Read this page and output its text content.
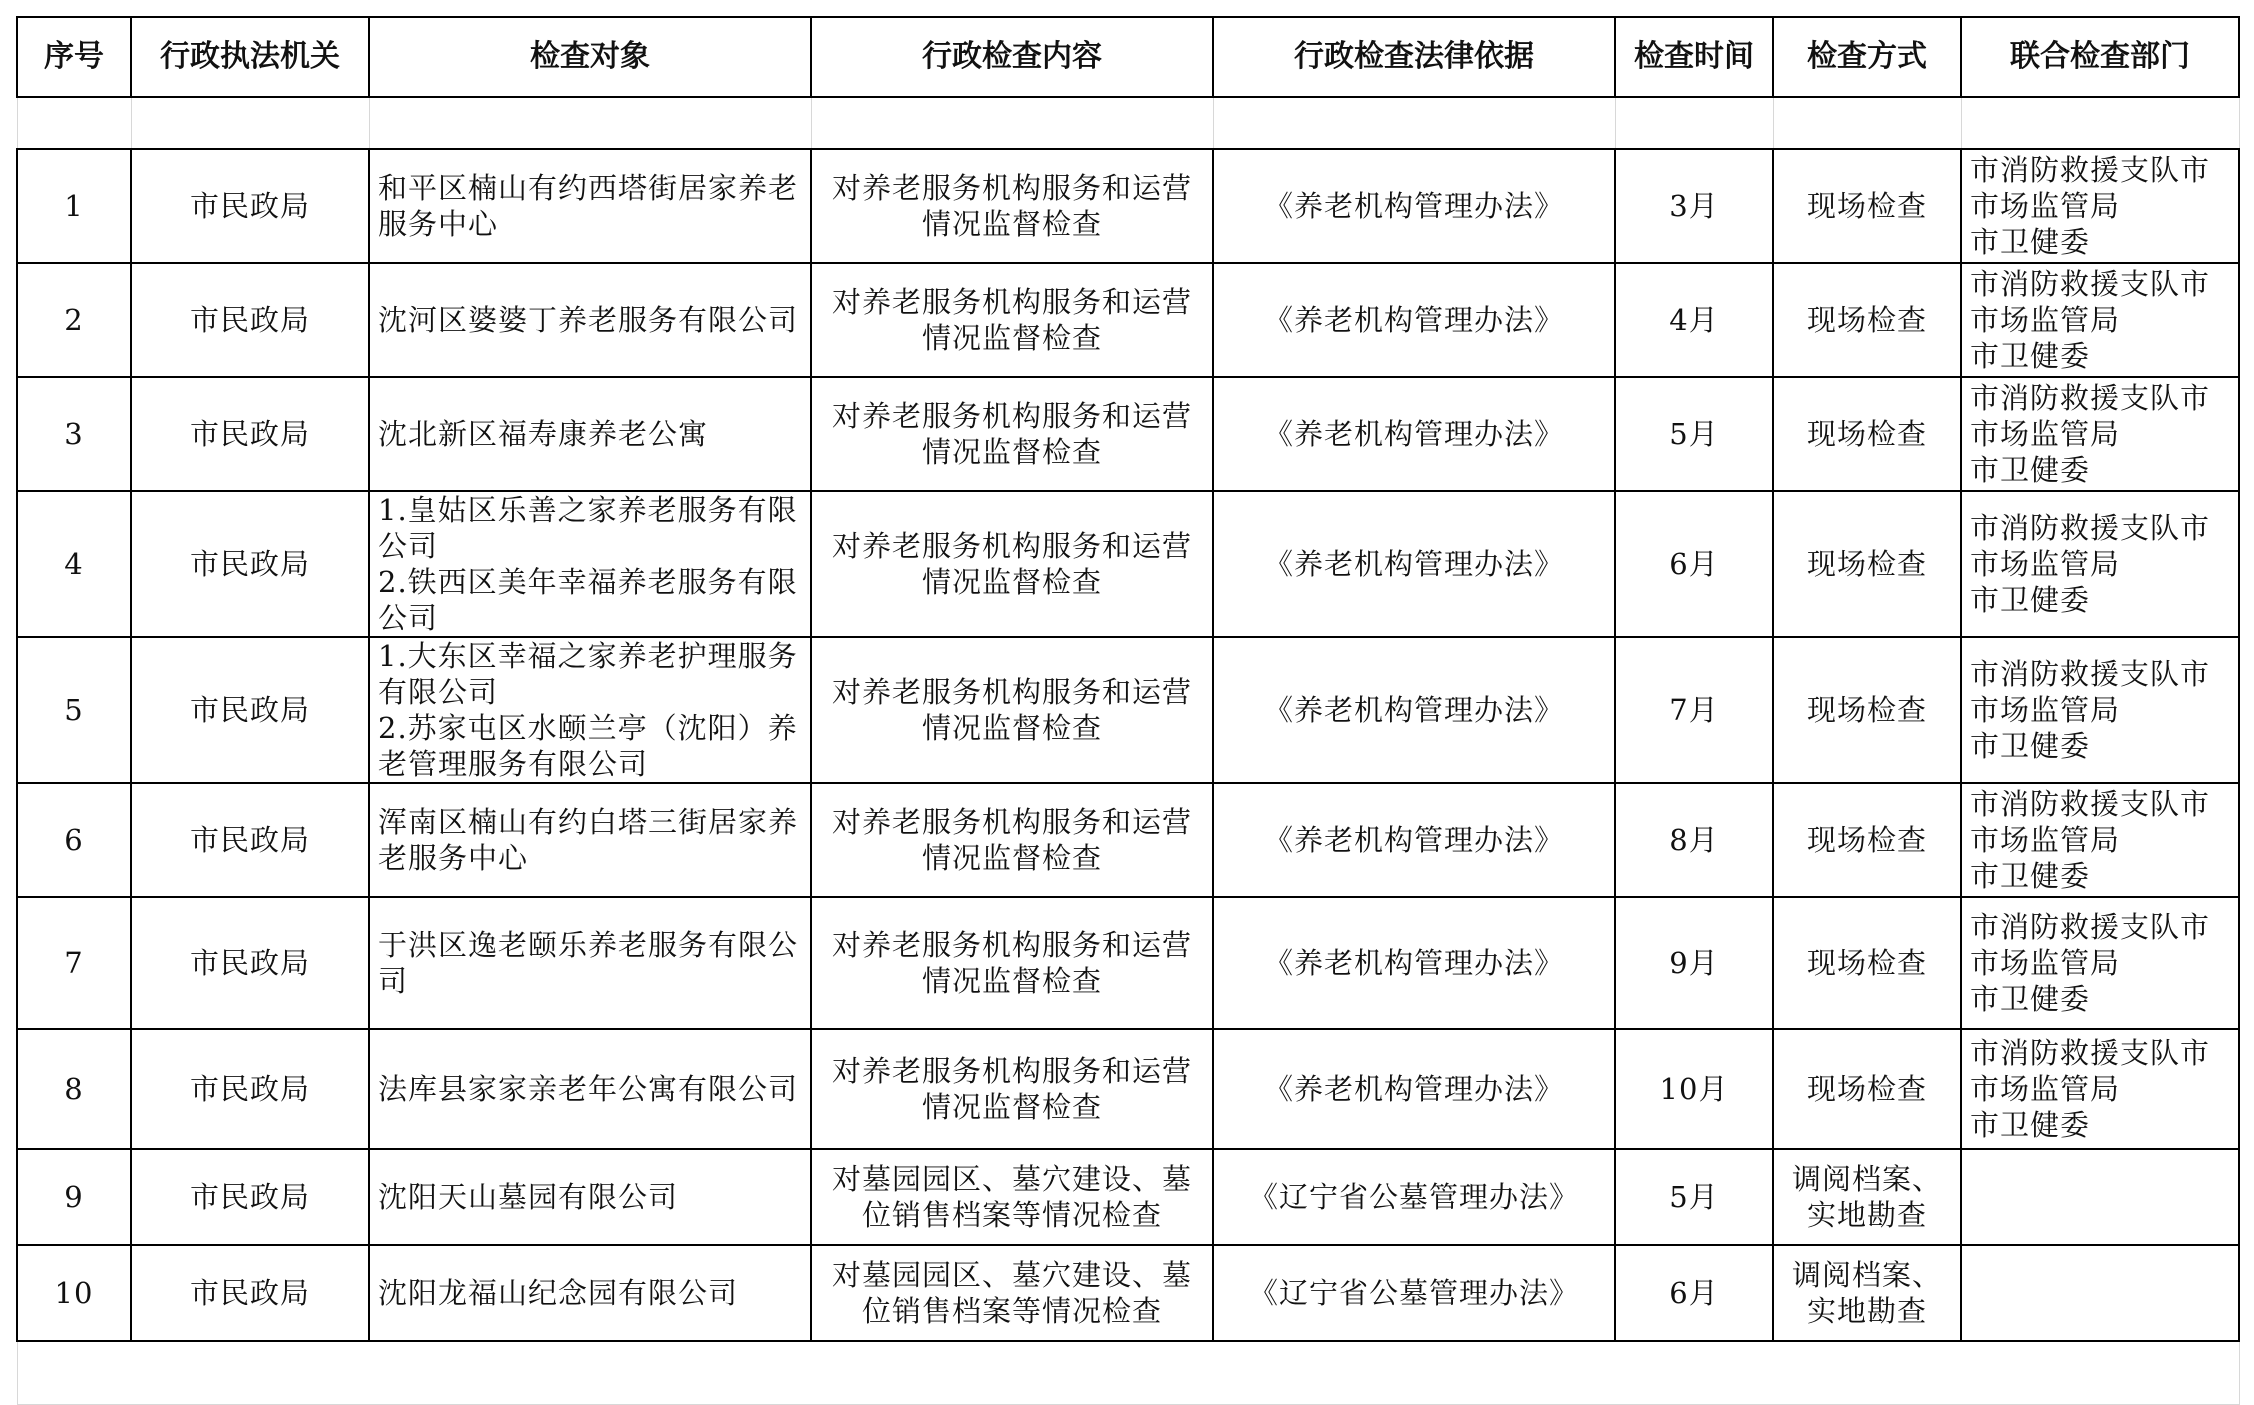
序号	行政执法机关	检查对象	行政检查内容	行政检查法律依据	检查时间	检查方式	联合检查部门
1	市民政局	和平区楠山有约西塔街居家养老服务中心	对养老服务机构服务和运营情况监督检查	《养老机构管理办法》	3月	现场检查	市消防救援支队市
市场监管局
市卫健委

2	市民政局	沈河区婆婆丁养老服务有限公司	对养老服务机构服务和运营情况监督检查	《养老机构管理办法》	4月	现场检查	市消防救援支队市
市场监管局
市卫健委

3	市民政局	沈北新区福寿康养老公寓	对养老服务机构服务和运营情况监督检查	《养老机构管理办法》	5月	现场检查	市消防救援支队市
市场监管局
市卫健委

4	市民政局	1.皇姑区乐善之家养老服务有限公司
2.铁西区美年幸福养老服务有限公司	对养老服务机构服务和运营情况监督检查	《养老机构管理办法》	6月	现场检查	市消防救援支队市
市场监管局
市卫健委

5	市民政局	1.大东区幸福之家养老护理服务有限公司
2.苏家屯区水颐兰亭（沈阳）养老管理服务有限公司	对养老服务机构服务和运营情况监督检查	《养老机构管理办法》	7月	现场检查	市消防救援支队市
市场监管局
市卫健委

6	市民政局	浑南区楠山有约白塔三街居家养老服务中心	对养老服务机构服务和运营情况监督检查	《养老机构管理办法》	8月	现场检查	市消防救援支队市
市场监管局
市卫健委

7	市民政局	于洪区逸老颐乐养老服务有限公司	对养老服务机构服务和运营情况监督检查	《养老机构管理办法》	9月	现场检查	市消防救援支队市
市场监管局
市卫健委

8	市民政局	法库县家家亲老年公寓有限公司	对养老服务机构服务和运营情况监督检查	《养老机构管理办法》	10月	现场检查	市消防救援支队市
市场监管局
市卫健委

9	市民政局	沈阳天山墓园有限公司	对墓园园区、墓穴建设、墓位销售档案等情况检查	《辽宁省公墓管理办法》	5月	调阅档案、
实地勘查	

10	市民政局	沈阳龙福山纪念园有限公司	对墓园园区、墓穴建设、墓位销售档案等情况检查	《辽宁省公墓管理办法》	6月	调阅档案、
实地勘查	
